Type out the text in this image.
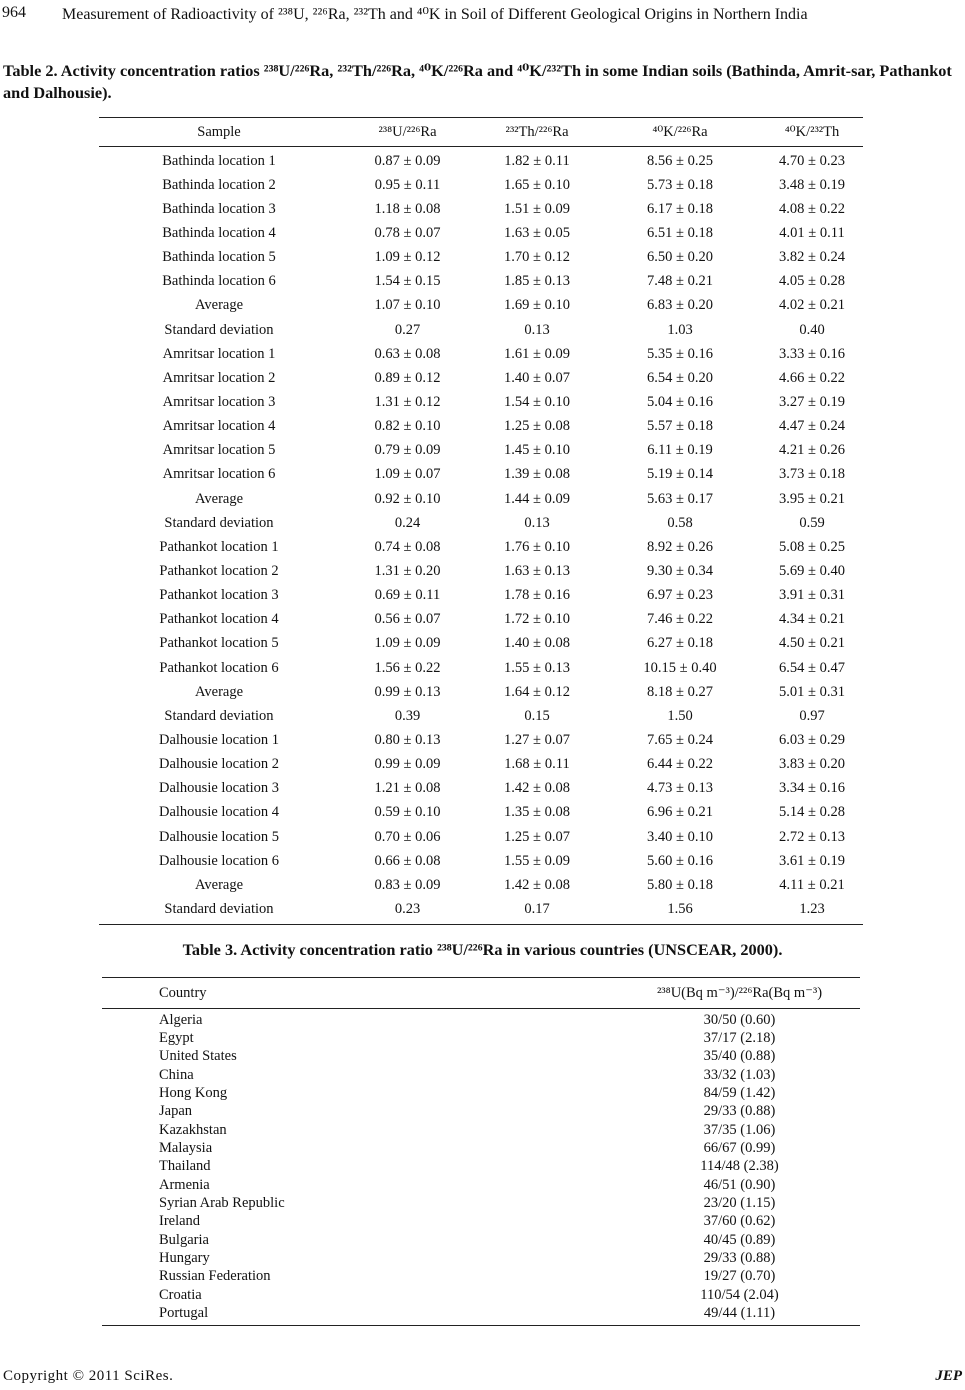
964 Measurement of Radioactivity of ²³⁸U, ²²⁶Ra, ²³²Th and ⁴⁰K in Soil of Different Geological Origins in Northern India
Table 2. Activity concentration ratios ²³⁸U/²²⁶Ra, ²³²Th/²²⁶Ra, ⁴⁰K/²²⁶Ra and ⁴⁰K/²³²Th in some Indian soils (Bathinda, Amrit-sar, Pathankot and Dalhousie).
Sample	²³⁸U/²²⁶Ra	²³²Th/²²⁶Ra	⁴⁰K/²²⁶Ra	⁴⁰K/²³²Th
Bathinda location 1	0.87 ± 0.09	1.82 ± 0.11	8.56 ± 0.25	4.70 ± 0.23
Bathinda location 2	0.95 ± 0.11	1.65 ± 0.10	5.73 ± 0.18	3.48 ± 0.19
Bathinda location 3	1.18 ± 0.08	1.51 ± 0.09	6.17 ± 0.18	4.08 ± 0.22
Bathinda location 4	0.78 ± 0.07	1.63 ± 0.05	6.51 ± 0.18	4.01 ± 0.11
Bathinda location 5	1.09 ± 0.12	1.70 ± 0.12	6.50 ± 0.20	3.82 ± 0.24
Bathinda location 6	1.54 ± 0.15	1.85 ± 0.13	7.48 ± 0.21	4.05 ± 0.28
Average	1.07 ± 0.10	1.69 ± 0.10	6.83 ± 0.20	4.02 ± 0.21
Standard deviation	0.27	0.13	1.03	0.40
Amritsar location 1	0.63 ± 0.08	1.61 ± 0.09	5.35 ± 0.16	3.33 ± 0.16
Amritsar location 2	0.89 ± 0.12	1.40 ± 0.07	6.54 ± 0.20	4.66 ± 0.22
Amritsar location 3	1.31 ± 0.12	1.54 ± 0.10	5.04 ± 0.16	3.27 ± 0.19
Amritsar location 4	0.82 ± 0.10	1.25 ± 0.08	5.57 ± 0.18	4.47 ± 0.24
Amritsar location 5	0.79 ± 0.09	1.45 ± 0.10	6.11 ± 0.19	4.21 ± 0.26
Amritsar location 6	1.09 ± 0.07	1.39 ± 0.08	5.19 ± 0.14	3.73 ± 0.18
Average	0.92 ± 0.10	1.44 ± 0.09	5.63 ± 0.17	3.95 ± 0.21
Standard deviation	0.24	0.13	0.58	0.59
Pathankot location 1	0.74 ± 0.08	1.76 ± 0.10	8.92 ± 0.26	5.08 ± 0.25
Pathankot location 2	1.31 ± 0.20	1.63 ± 0.13	9.30 ± 0.34	5.69 ± 0.40
Pathankot location 3	0.69 ± 0.11	1.78 ± 0.16	6.97 ± 0.23	3.91 ± 0.31
Pathankot location 4	0.56 ± 0.07	1.72 ± 0.10	7.46 ± 0.22	4.34 ± 0.21
Pathankot location 5	1.09 ± 0.09	1.40 ± 0.08	6.27 ± 0.18	4.50 ± 0.21
Pathankot location 6	1.56 ± 0.22	1.55 ± 0.13	10.15 ± 0.40	6.54 ± 0.47
Average	0.99 ± 0.13	1.64 ± 0.12	8.18 ± 0.27	5.01 ± 0.31
Standard deviation	0.39	0.15	1.50	0.97
Dalhousie location 1	0.80 ± 0.13	1.27 ± 0.07	7.65 ± 0.24	6.03 ± 0.29
Dalhousie location 2	0.99 ± 0.09	1.68 ± 0.11	6.44 ± 0.22	3.83 ± 0.20
Dalhousie location 3	1.21 ± 0.08	1.42 ± 0.08	4.73 ± 0.13	3.34 ± 0.16
Dalhousie location 4	0.59 ± 0.10	1.35 ± 0.08	6.96 ± 0.21	5.14 ± 0.28
Dalhousie location 5	0.70 ± 0.06	1.25 ± 0.07	3.40 ± 0.10	2.72 ± 0.13
Dalhousie location 6	0.66 ± 0.08	1.55 ± 0.09	5.60 ± 0.16	3.61 ± 0.19
Average	0.83 ± 0.09	1.42 ± 0.08	5.80 ± 0.18	4.11 ± 0.21
Standard deviation	0.23	0.17	1.56	1.23
Table 3. Activity concentration ratio ²³⁸U/²²⁶Ra in various countries (UNSCEAR, 2000).
Country	²³⁸U(Bq m⁻³)/²²⁶Ra(Bq m⁻³)
Algeria	30/50 (0.60)
Egypt	37/17 (2.18)
United States	35/40 (0.88)
China	33/32 (1.03)
Hong Kong	84/59 (1.42)
Japan	29/33 (0.88)
Kazakhstan	37/35 (1.06)
Malaysia	66/67 (0.99)
Thailand	114/48 (2.38)
Armenia	46/51 (0.90)
Syrian Arab Republic	23/20 (1.15)
Ireland	37/60 (0.62)
Bulgaria	40/45 (0.89)
Hungary	29/33 (0.88)
Russian Federation	19/27 (0.70)
Croatia	110/54 (2.04)
Portugal	49/44 (1.11)
Copyright © 2011 SciRes.	JEP
